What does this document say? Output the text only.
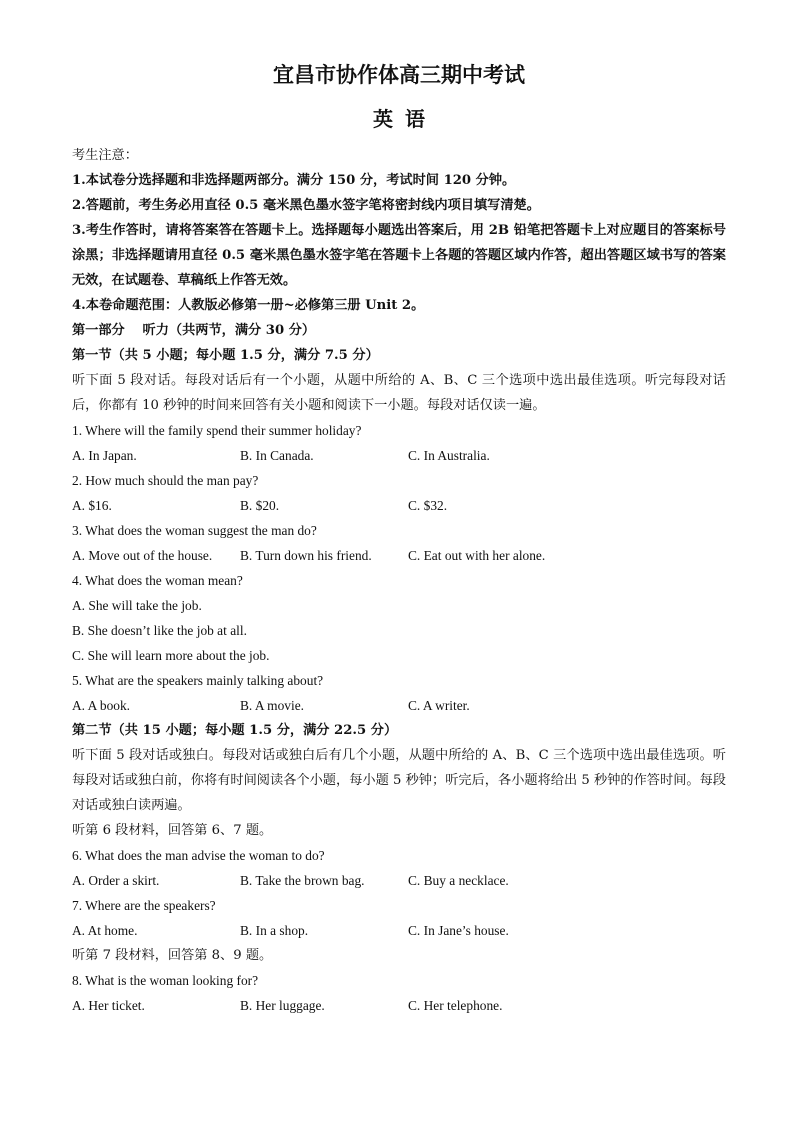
宜昌市协作体高三期中考试
英语
考生注意：
1.本试卷分选择题和非选择题两部分。满分 150 分，考试时间 120 分钟。
2.答题前，考生务必用直径 0.5 毫米黑色墨水签字笔将密封线内项目填写清楚。
3.考生作答时，请将答案答在答题卡上。选择题每小题选出答案后，用 2B 铅笔把答题卡上对应题目的答案标号涂黑；非选择题请用直径 0.5 毫米黑色墨水签字笔在答题卡上各题的答题区域内作答，超出答题区域书写的答案无效，在试题卷、草稿纸上作答无效。
4.本卷命题范围：人教版必修第一册~必修第三册 Unit 2。
第一部分　 听力（共两节，满分 30 分）
第一节（共 5 小题；每小题 1.5 分，满分 7.5 分）
听下面 5 段对话。每段对话后有一个小题，从题中所给的 A、B、C 三个选项中选出最佳选项。听完每段对话后，你都有 10 秒钟的时间来回答有关小题和阅读下一小题。每段对话仅读一遍。
1. Where will the family spend their summer holiday?
A. In Japan.	B. In Canada.	C. In Australia.
2. How much should the man pay?
A. $16.	B. $20.	C. $32.
3. What does the woman suggest the man do?
A. Move out of the house.	B. Turn down his friend.	C. Eat out with her alone.
4. What does the woman mean?
A. She will take the job.
B. She doesn’t like the job at all.
C. She will learn more about the job.
5. What are the speakers mainly talking about?
A. A book.	B. A movie.	C. A writer.
第二节（共 15 小题；每小题 1.5 分，满分 22.5 分）
听下面 5 段对话或独白。每段对话或独白后有几个小题，从题中所给的 A、B、C 三个选项中选出最佳选项。听每段对话或独白前，你将有时间阅读各个小题，每小题 5 秒钟；听完后，各小题将给出 5 秒钟的作答时间。每段对话或独白读两遍。
听第 6 段材料，回答第 6、7 题。
6. What does the man advise the woman to do?
A. Order a skirt.	B. Take the brown bag.	C. Buy a necklace.
7. Where are the speakers?
A. At home.	B. In a shop.	C. In Jane’s house.
听第 7 段材料，回答第 8、9 题。
8. What is the woman looking for?
A. Her ticket.	B. Her luggage.	C. Her telephone.
